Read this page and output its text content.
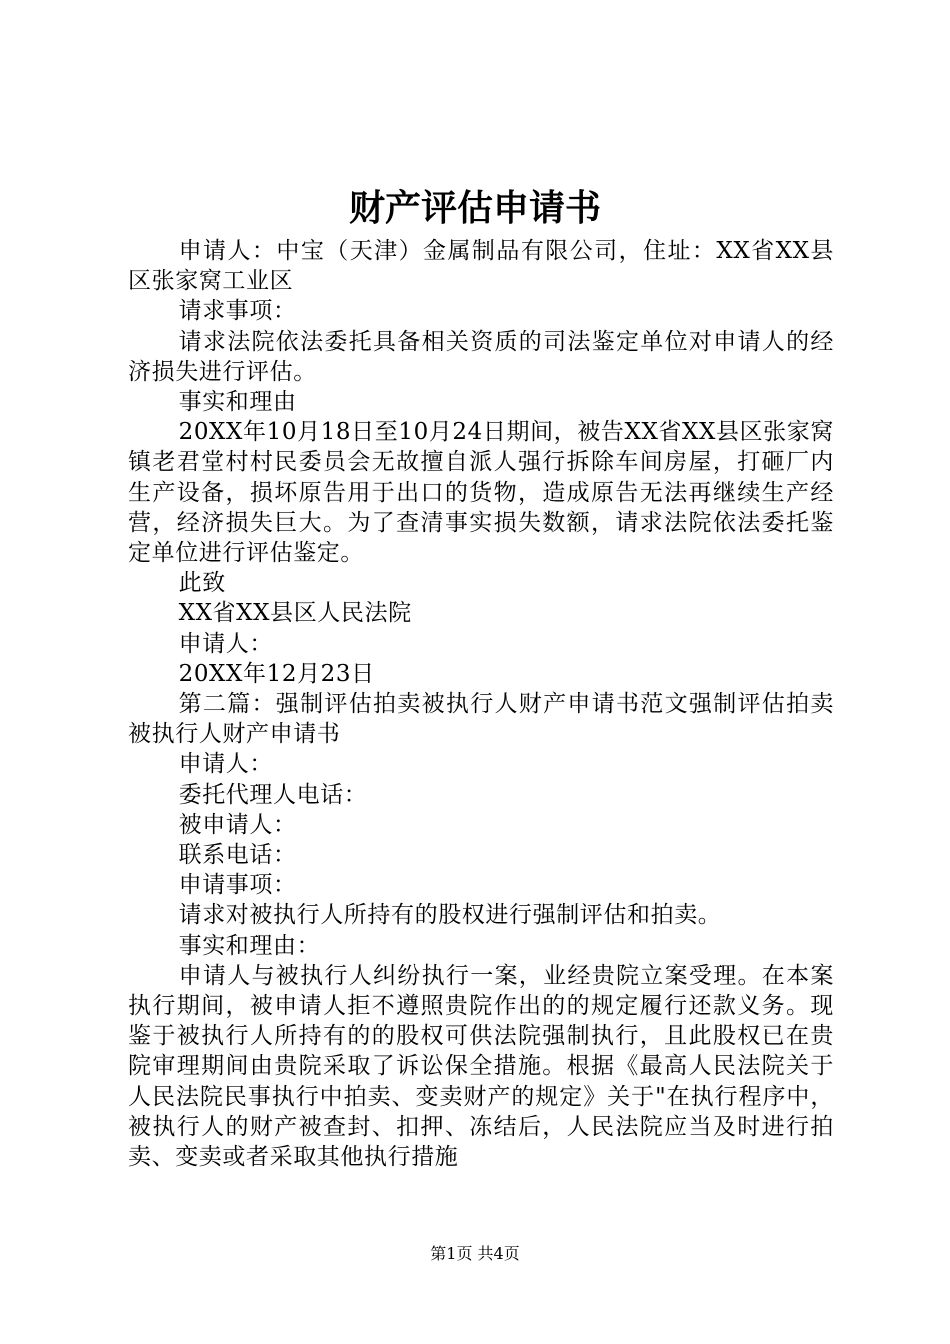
财产评估申请书

申请人：中宝（天津）金属制品有限公司，住址：XX省XX县区张家窝工业区

请求事项：

请求法院依法委托具备相关资质的司法鉴定单位对申请人的经济损失进行评估。

事实和理由

20XX年10月18日至10月24日期间，被告XX省XX县区张家窝镇老君堂村村民委员会无故擅自派人强行拆除车间房屋，打砸厂内生产设备，损坏原告用于出口的货物，造成原告无法再继续生产经营，经济损失巨大。为了查清事实损失数额，请求法院依法委托鉴定单位进行评估鉴定。

此致

XX省XX县区人民法院

申请人：

20XX年12月23日

第二篇：强制评估拍卖被执行人财产申请书范文强制评估拍卖被执行人财产申请书

申请人：

委托代理人电话：

被申请人：

联系电话：

申请事项：

请求对被执行人所持有的股权进行强制评估和拍卖。

事实和理由：

申请人与被执行人纠纷执行一案，业经贵院立案受理。在本案执行期间，被申请人拒不遵照贵院作出的的规定履行还款义务。现鉴于被执行人所持有的的股权可供法院强制执行，且此股权已在贵院审理期间由贵院采取了诉讼保全措施。根据《最高人民法院关于人民法院民事执行中拍卖、变卖财产的规定》关于"在执行程序中，被执行人的财产被查封、扣押、冻结后，人民法院应当及时进行拍卖、变卖或者采取其他执行措施

第1页 共4页
